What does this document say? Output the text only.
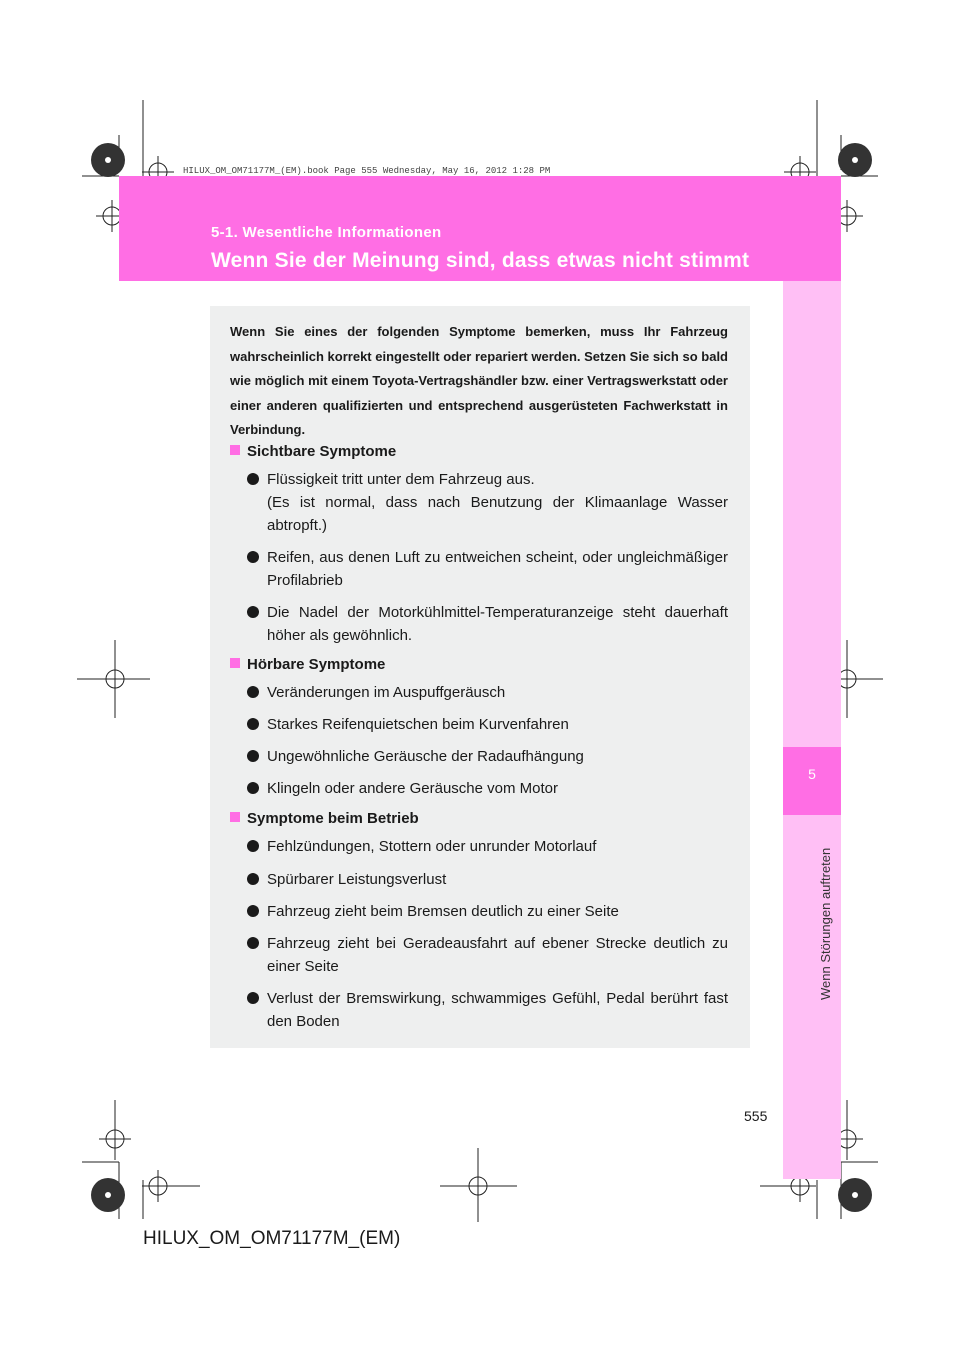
HILUX_OM_OM71177M_(EM).book Page 555 Wednesday, May 16, 2012 1:28 PM
5-1. Wesentliche Informationen
Wenn Sie der Meinung sind, dass etwas nicht stimmt
5
Wenn Störungen auftreten
Wenn Sie eines der folgenden Symptome bemerken, muss Ihr Fahrzeug wahrscheinlich korrekt eingestellt oder repariert werden. Setzen Sie sich so bald wie möglich mit einem Toyota-Vertragshändler bzw. einer Vertragswerkstatt oder einer anderen qualifizierten und entsprechend ausgerüsteten Fachwerkstatt in Verbindung.
Sichtbare Symptome
Flüssigkeit tritt unter dem Fahrzeug aus.
(Es ist normal, dass nach Benutzung der Klimaanlage Wasser abtropft.)
Reifen, aus denen Luft zu entweichen scheint, oder ungleichmäßiger Profilabrieb
Die Nadel der Motorkühlmittel-Temperaturanzeige steht dauerhaft höher als gewöhnlich.
Hörbare Symptome
Veränderungen im Auspuffgeräusch
Starkes Reifenquietschen beim Kurvenfahren
Ungewöhnliche Geräusche der Radaufhängung
Klingeln oder andere Geräusche vom Motor
Symptome beim Betrieb
Fehlzündungen, Stottern oder unrunder Motorlauf
Spürbarer Leistungsverlust
Fahrzeug zieht beim Bremsen deutlich zu einer Seite
Fahrzeug zieht bei Geradeausfahrt auf ebener Strecke deutlich zu einer Seite
Verlust der Bremswirkung, schwammiges Gefühl, Pedal berührt fast den Boden
555
HILUX_OM_OM71177M_(EM)
